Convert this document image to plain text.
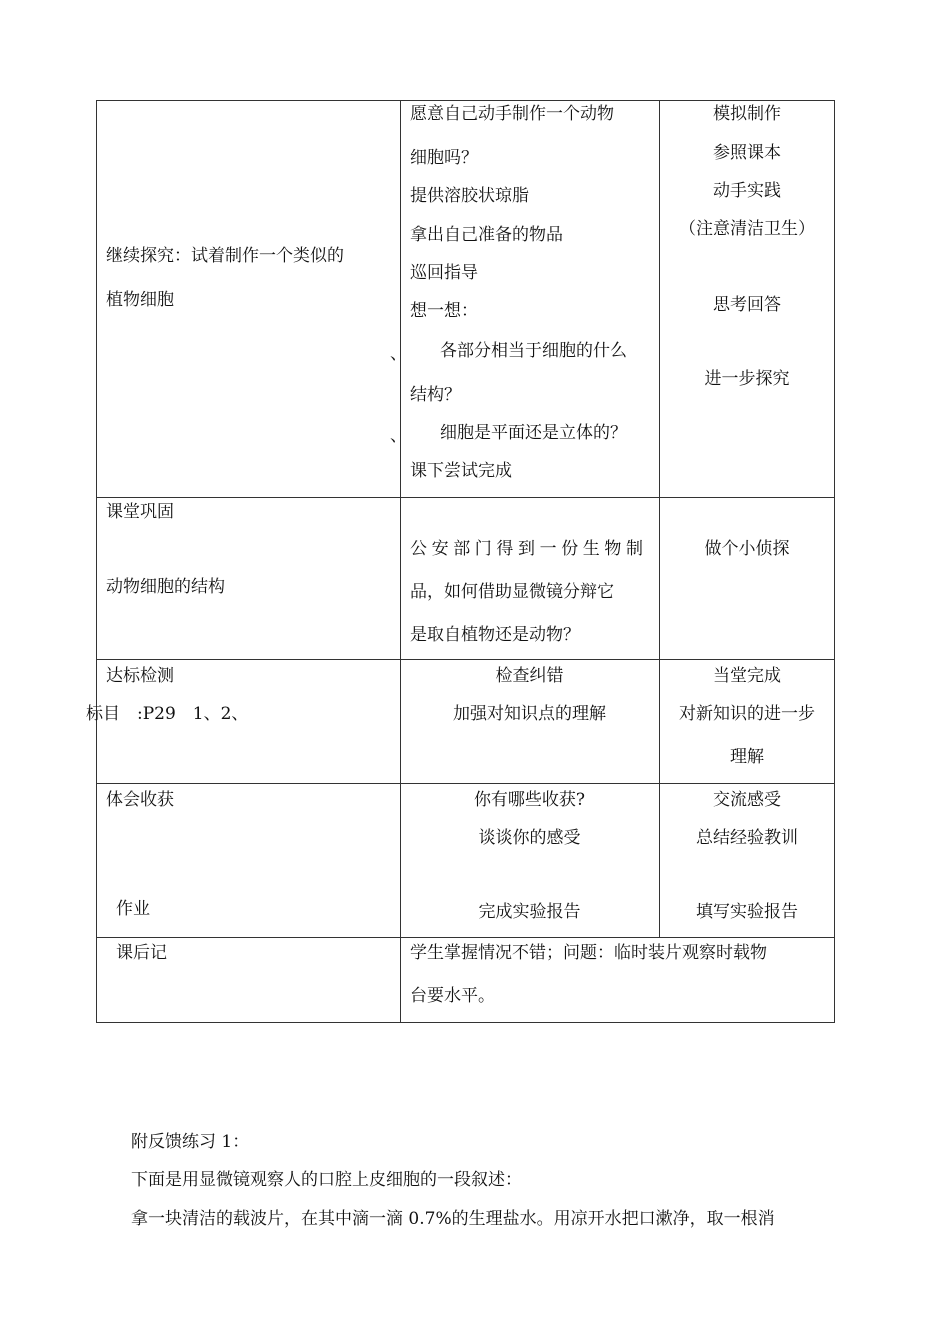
继续探究：试着制作一个类似的
植物细胞
愿意自己动手制作一个动物
细胞吗？
提供溶胶状琼脂
拿出自己准备的物品
巡回指导
想一想：
、 各部分相当于细胞的什么
结构？
、 细胞是平面还是立体的？
课下尝试完成
模拟制作
参照课本
动手实践
（注意清洁卫生）
思考回答
进一步探究
课堂巩固
动物细胞的结构
公安部门得到一份生物制
品，如何借助显微镜分辩它
是取自植物还是动物？
做个小侦探
达标检测
标目　:P29　1、2、
检查纠错
加强对知识点的理解
当堂完成
对新知识的进一步
理解
体会收获
作业
你有哪些收获?
谈谈你的感受
完成实验报告
交流感受
总结经验教训
填写实验报告
课后记	学生掌握情况不错；问题：临时装片观察时载物
台要水平。
附反馈练习 1：
下面是用显微镜观察人的口腔上皮细胞的一段叙述：
拿一块清洁的载波片，在其中滴一滴 0.7%的生理盐水。用凉开水把口漱净，取一根消
